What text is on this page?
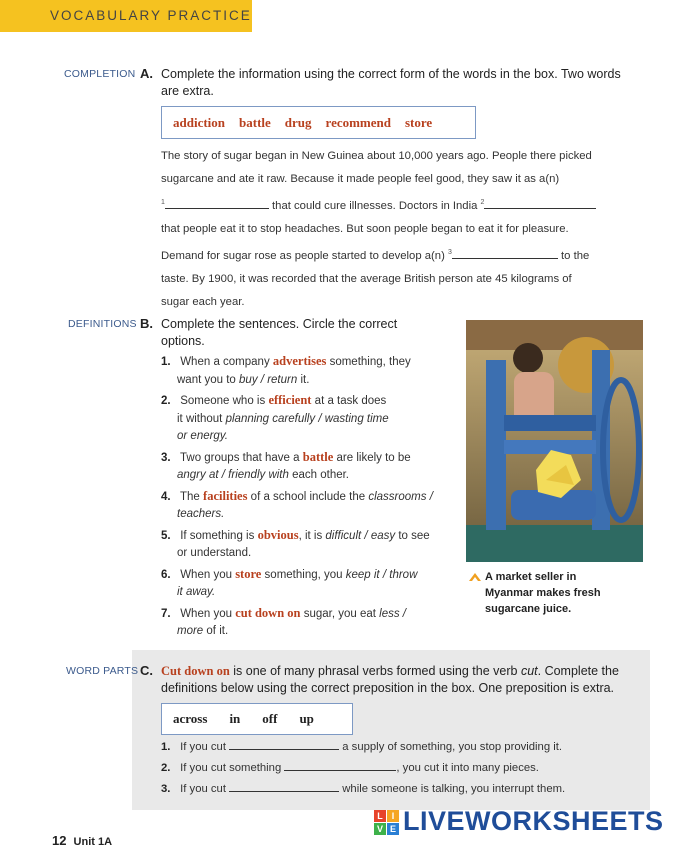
VOCABULARY PRACTICE
COMPLETION A. Complete the information using the correct form of the words in the box. Two words are extra.
addiction battle drug recommend store
The story of sugar began in New Guinea about 10,000 years ago. People there picked
sugarcane and ate it raw. Because it made people feel good, they saw it as a(n)
$^1$	that could cure illnesses. Doctors in India $^2$
that people eat it to stop headaches. But soon people began to eat it for pleasure.
Demand for sugar rose as people started to develop a(n) $^3$	to the
taste. By 1900, it was recorded that the average British person ate 45 kilograms of
sugar each year.
DEFINITIONS B. Complete the sentences. Circle the correct options.
1. When a company advertises something, they
want you to buy / return it.
2. Someone who is efficient at a task does
it without planning carefully / wasting time
or energy.
3. Two groups that have a battle are likely to be
angry at / friendly with each other.
4. The facilities of a school include the classrooms /
teachers.
5. If something is obvious, it is difficult / easy to see
or understand.
6. When you store something, you keep it / throw
it away.
7. When you cut down on sugar, you eat less /
more of it.
A market seller in
Myanmar makes fresh
sugarcane juice.
WORD PARTS C. Cut down on is one of many phrasal verbs formed using the verb cut. Complete the
definitions below using the correct preposition in the box. One preposition is extra.
across in off up
1. If you cut	a supply of something, you stop providing it.
2. If you cut something	, you cut it into many pieces.
3. If you cut	while someone is talking, you interrupt them.
12 Unit 1A
L I
V E LIVEWORKSHEETS
